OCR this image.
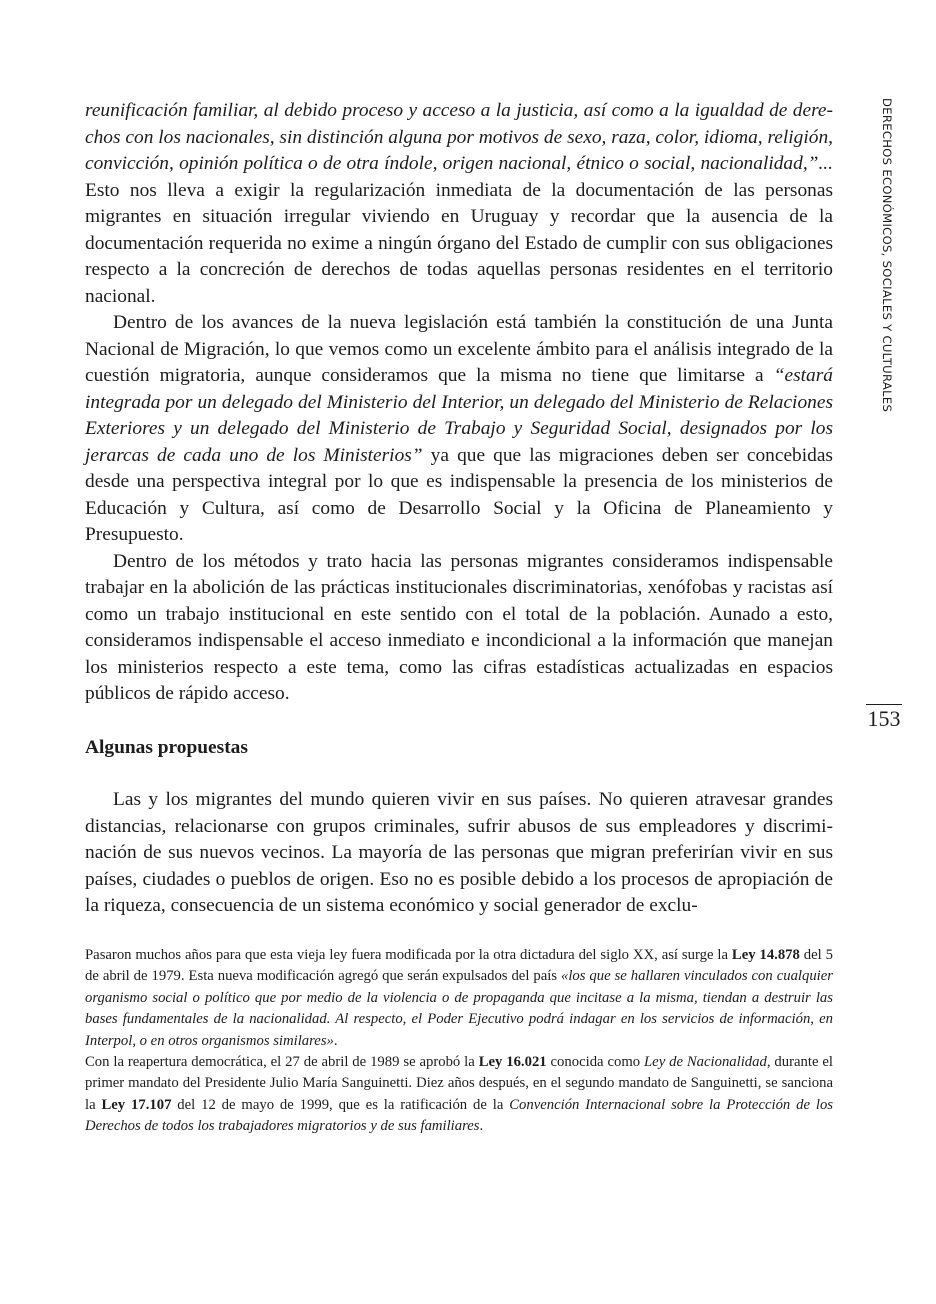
DERECHOS ECONÓMICOS, SOCIALES Y CULTURALES
153

reunificación familiar, al debido proceso y acceso a la justicia, así como a la igualdad de derechos con los nacionales, sin distinción alguna por motivos de sexo, raza, color, idioma, religión, convicción, opinión política o de otra índole, origen nacional, étnico o social, nacionalidad,”... Esto nos lleva a exigir la regularización inmediata de la documentación de las personas migrantes en situación irregular viviendo en Uruguay y recordar que la ausencia de la documentación requerida no exime a ningún órgano del Estado de cumplir con sus obligaciones respecto a la concreción de derechos de todas aquellas personas residentes en el territorio nacional.

Dentro de los avances de la nueva legislación está también la constitución de una Junta Nacional de Migración, lo que vemos como un excelente ámbito para el análisis integrado de la cuestión migratoria, aunque consideramos que la misma no tiene que limitarse a “estará integrada por un delegado del Ministerio del Interior, un delegado del Ministerio de Relaciones Exteriores y un delegado del Ministerio de Trabajo y Seguridad Social, designados por los jerarcas de cada uno de los Ministerios” ya que que las migraciones deben ser concebidas desde una perspectiva integral por lo que es indispensable la presencia de los ministerios de Educación y Cultura, así como de Desarrollo Social y la Oficina de Planeamiento y Presupuesto.

Dentro de los métodos y trato hacia las personas migrantes consideramos indispensable trabajar en la abolición de las prácticas institucionales discriminatorias, xenófobas y racistas así como un trabajo institucional en este sentido con el total de la población. Aunado a esto, consideramos indispensable el acceso inmediato e incondicional a la información que manejan los ministerios respecto a este tema, como las cifras estadísticas actualizadas en espacios públicos de rápido acceso.

Algunas propuestas

Las y los migrantes del mundo quieren vivir en sus países. No quieren atravesar grandes distancias, relacionarse con grupos criminales, sufrir abusos de sus empleadores y discriminación de sus nuevos vecinos. La mayoría de las personas que migran preferirían vivir en sus países, ciudades o pueblos de origen. Eso no es posible debido a los procesos de apropiación de la riqueza, consecuencia de un sistema económico y social generador de exclu-

Pasaron muchos años para que esta vieja ley fuera modificada por la otra dictadura del siglo XX, así surge la Ley 14.878 del 5 de abril de 1979. Esta nueva modificación agregó que serán expulsados del país «los que se hallaren vinculados con cualquier organismo social o político que por medio de la violencia o de propaganda que incitase a la misma, tiendan a destruir las bases fundamentales de la nacionalidad. Al respecto, el Poder Ejecutivo podrá indagar en los servicios de información, en Interpol, o en otros organismos similares».

Con la reapertura democrática, el 27 de abril de 1989 se aprobó la Ley 16.021 conocida como Ley de Nacionalidad, durante el primer mandato del Presidente Julio María Sanguinetti. Diez años después, en el segundo mandato de Sanguinetti, se sanciona la Ley 17.107 del 12 de mayo de 1999, que es la ratificación de la Convención Internacional sobre la Protección de los Derechos de todos los trabajadores migratorios y de sus familiares.
